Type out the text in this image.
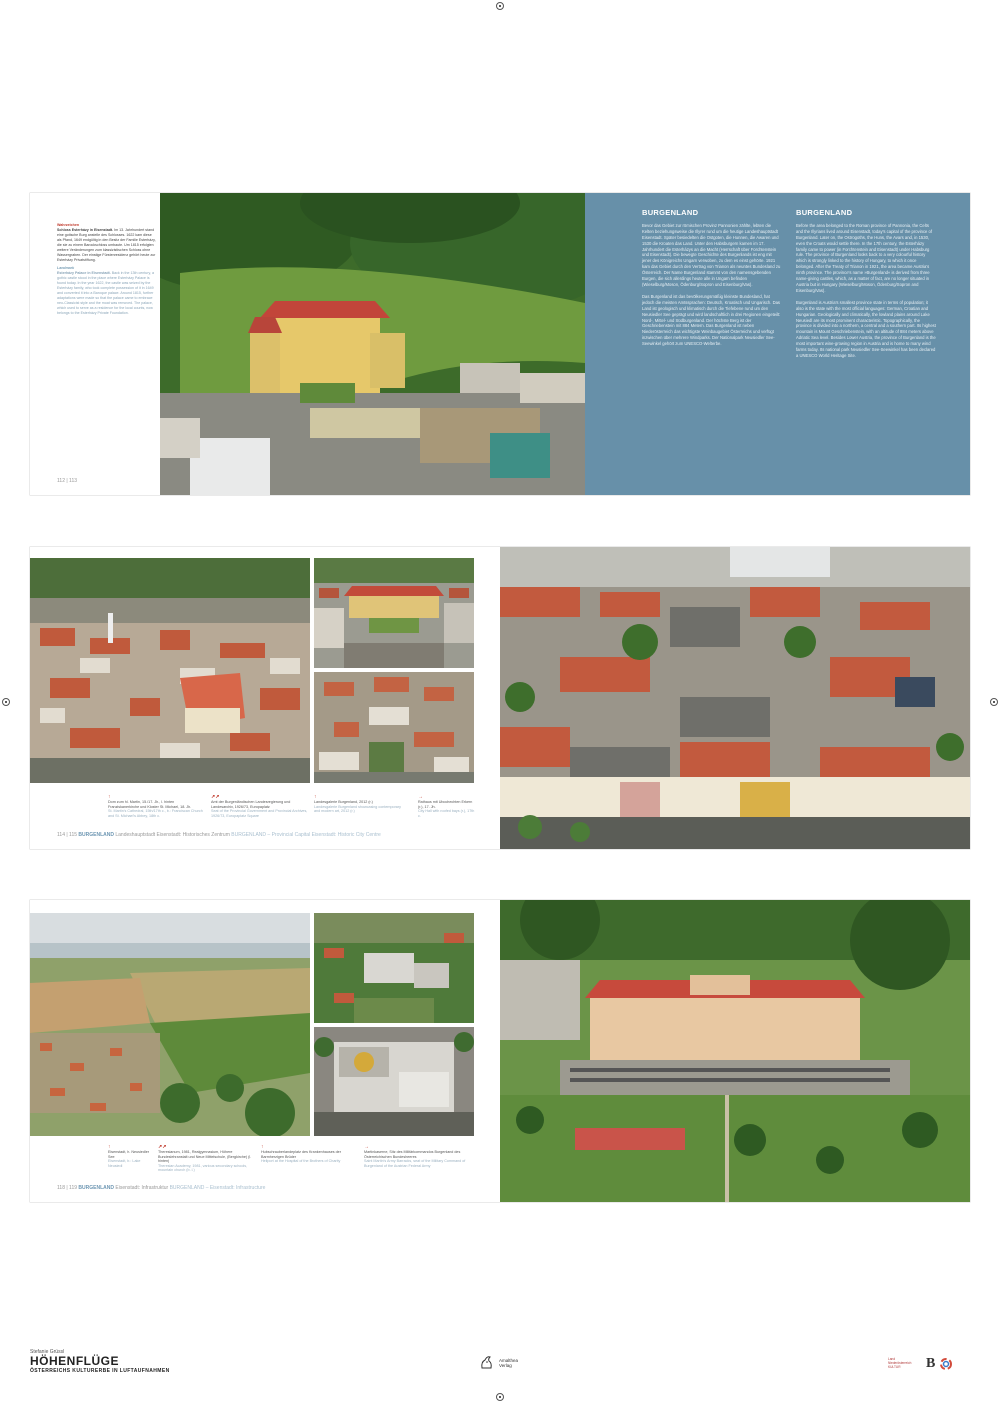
Wahrzeichen
Schloss Esterházy in Eisenstadt. Im 13. Jahrhundert stand eine gotische Burg anstelle des Schlosses. 1622 kam diese als Pfand, 1649 endgültig in den Besitz der Familie Esterházy, die sie zu einem Barockschloss umbaute. Um 1815 erfolgten weitere Veränderungen zum klassizistischen Schloss ohne Wassergraben. Der einstige Fürstenresidenz gehört heute zur Esterházy Privatstiftung.

Landmark
Esterházy Palace in Eisenstadt. Back in the 13th century, a gothic castle stood in the place where Esterházy Palace is found today. In the year 1622, the castle was seized by the Esterházy family, who took complete possession of it in 1649 and converted it into a Baroque palace. Around 1815, further adaptations were made so that the palace came to embrace neo-Classicist style and the moat was removed. The palace, which used to serve as a residence for the local counts, now belongs to the Esterházy Private Foundation.

112 | 113
BURGENLAND

Bevor das Gebiet zur römischen Provinz Pannonien zählte, lebten die Kelten beziehungsweise die Illyrer rund um die heutige Landeshauptstadt Eisenstadt. Später besiedelten die Ostgoten, die Hunnen, die Awaren und 1530 die Kroaten das Land. Unter den Habsburgern kamen im 17. Jahrhundert die Esterházys an die Macht (Herrschaft über Forchtenstein und Eisenstadt). Die bewegte Geschichte des Burgenlands ist eng mit jener des Königreichs Ungarn verwoben, zu dem es einst gehörte. 1921 kam das Gebiet durch den Vertrag von Trianon als neuntes Bundesland zu Österreich. Der Name Burgenland stammt von den namensgebenden Burgen, die sich allerdings heute alle in Ungarn befinden (Wieselburg/Moson, Ödenburg/Sopron und Eisenburg/Vas).

Das Burgenland ist das bevölkerungsmäßig kleinste Bundesland, hat jedoch die meisten Amtssprachen: Deutsch, Kroatisch und Ungarisch. Das Land ist geologisch und klimatisch durch die Tiefebene rund um den Neusiedler See geprägt und wird landschaftlich in drei Regionen eingeteilt: Nord-, Mittel- und Südburgenland. Der höchste Berg ist der Geschriebenstein mit 884 Metern. Das Burgenland ist neben Niederösterreich das wichtigste Weinbaugebiet Österreichs und verfügt inzwischen über mehrere Windparks. Der Nationalpark Neusiedler See-Seewinkel gehört zum UNESCO-Welterbe.

BURGENLAND

Before the area belonged to the Roman province of Pannonia, the Celts and the Illyrians lived around Eisenstadt, today's capital of the province of Burgenland. Later on, the Ostrogoths, the Huns, the Avars and, in 1530, even the Croats would settle there. In the 17th century, the Esterházy family came to power (in Forchtenstein and Eisenstadt) under Habsburg rule. The province of Burgenland looks back to a very colourful history which is strongly linked to the history of Hungary, to which it once belonged. After the Treaty of Trianon in 1921, the area became Austria's ninth province. The province's name »Burgenland« is derived from three name-giving castles, which, as a matter of fact, are no longer situated in Austria but in Hungary (Wieselburg/Moson, Ödenburg/Sopron and Eisenburg/Vas).

Burgenland is Austria's smallest province state in terms of population; it also is the state with the most official languages: German, Croatian and Hungarian. Geologically and climatically, the lowland plains around Lake Neusiedl are its most prominent characteristic. Topographically, the province is divided into a northern, a central and a southern part. Its highest mountain is Mount Geschriebenstein, with an altitude of 884 meters above Adriatic Sea level. Besides Lower Austria, the province of Burgenland is the most important wine-growing region in Austria and is home to many wind farms today. Its national park Neusiedler See-Seewinkel has been declared a UNESCO World Heritage Site.

↑
Dom zum hl. Martin, 15./17. Jh., l. hinten Franziskanerkirche und Kloster St. Michael, 18. Jh.
St. Martin's Cathedral, 15th/17th c., b.: Franciscan Church and St. Michael's Abbey, 18th c.
↗↗
Amt der Burgenländischen Landesregierung und Landesarchiv, 1926/73, Europaplatz
Seat of the Provincial Government and Provincial Archives, 1926/73, Europaplatz Square
↑
Landesgalerie Burgenland, 2012 (r.)
Landesgalerie Burgenland showcasing contemporary and modern art, 2012 (r.)
→
Rathaus mit Ubochechten Erkern (r.), 17. Jh.
City Hall with roofed bays (r.), 17th c.
114 | 115 BURGENLAND Landeshauptstadt Eisenstadt: Historisches Zentrum BURGENLAND – Provincial Capital Eisenstadt: Historic City Centre
↑
Eisenstadt, h. Neusiedler See
Eisenstadt, b.: Lake Neusiedl
↗↗
Theresianum, 1981, Realgymnasium, Höhere Bundeslehranstalt und Neue Mittelschule, (Bergkirche) (l. hinten)
Theresian Academy, 1981, various secondary schools, mountain church (b. l.)
↑
Hubschrauberlandeplatz des Krankenhauses der Barmherzigen Brüder
Heliport at the Hospital of the Brothers of Charity
→
Martinkaserne, Sitz des Militärkommandos Burgenland des Österreichischen Bundesheeres
Saint Martin's Army Barracks, seat of the Military Command of Burgenland of the Austrian Federal Army
118 | 119 BURGENLAND Eisenstadt: Infrastruktur BURGENLAND – Eisenstadt: Infrastructure
Stefanie Grüssl
HÖHENFLÜGE
ÖSTERREICHS KULTURERBE IN LUFTAUFNAHMEN
Amalthea
Verlag
Land
Niederösterreich
KULTUR	B
